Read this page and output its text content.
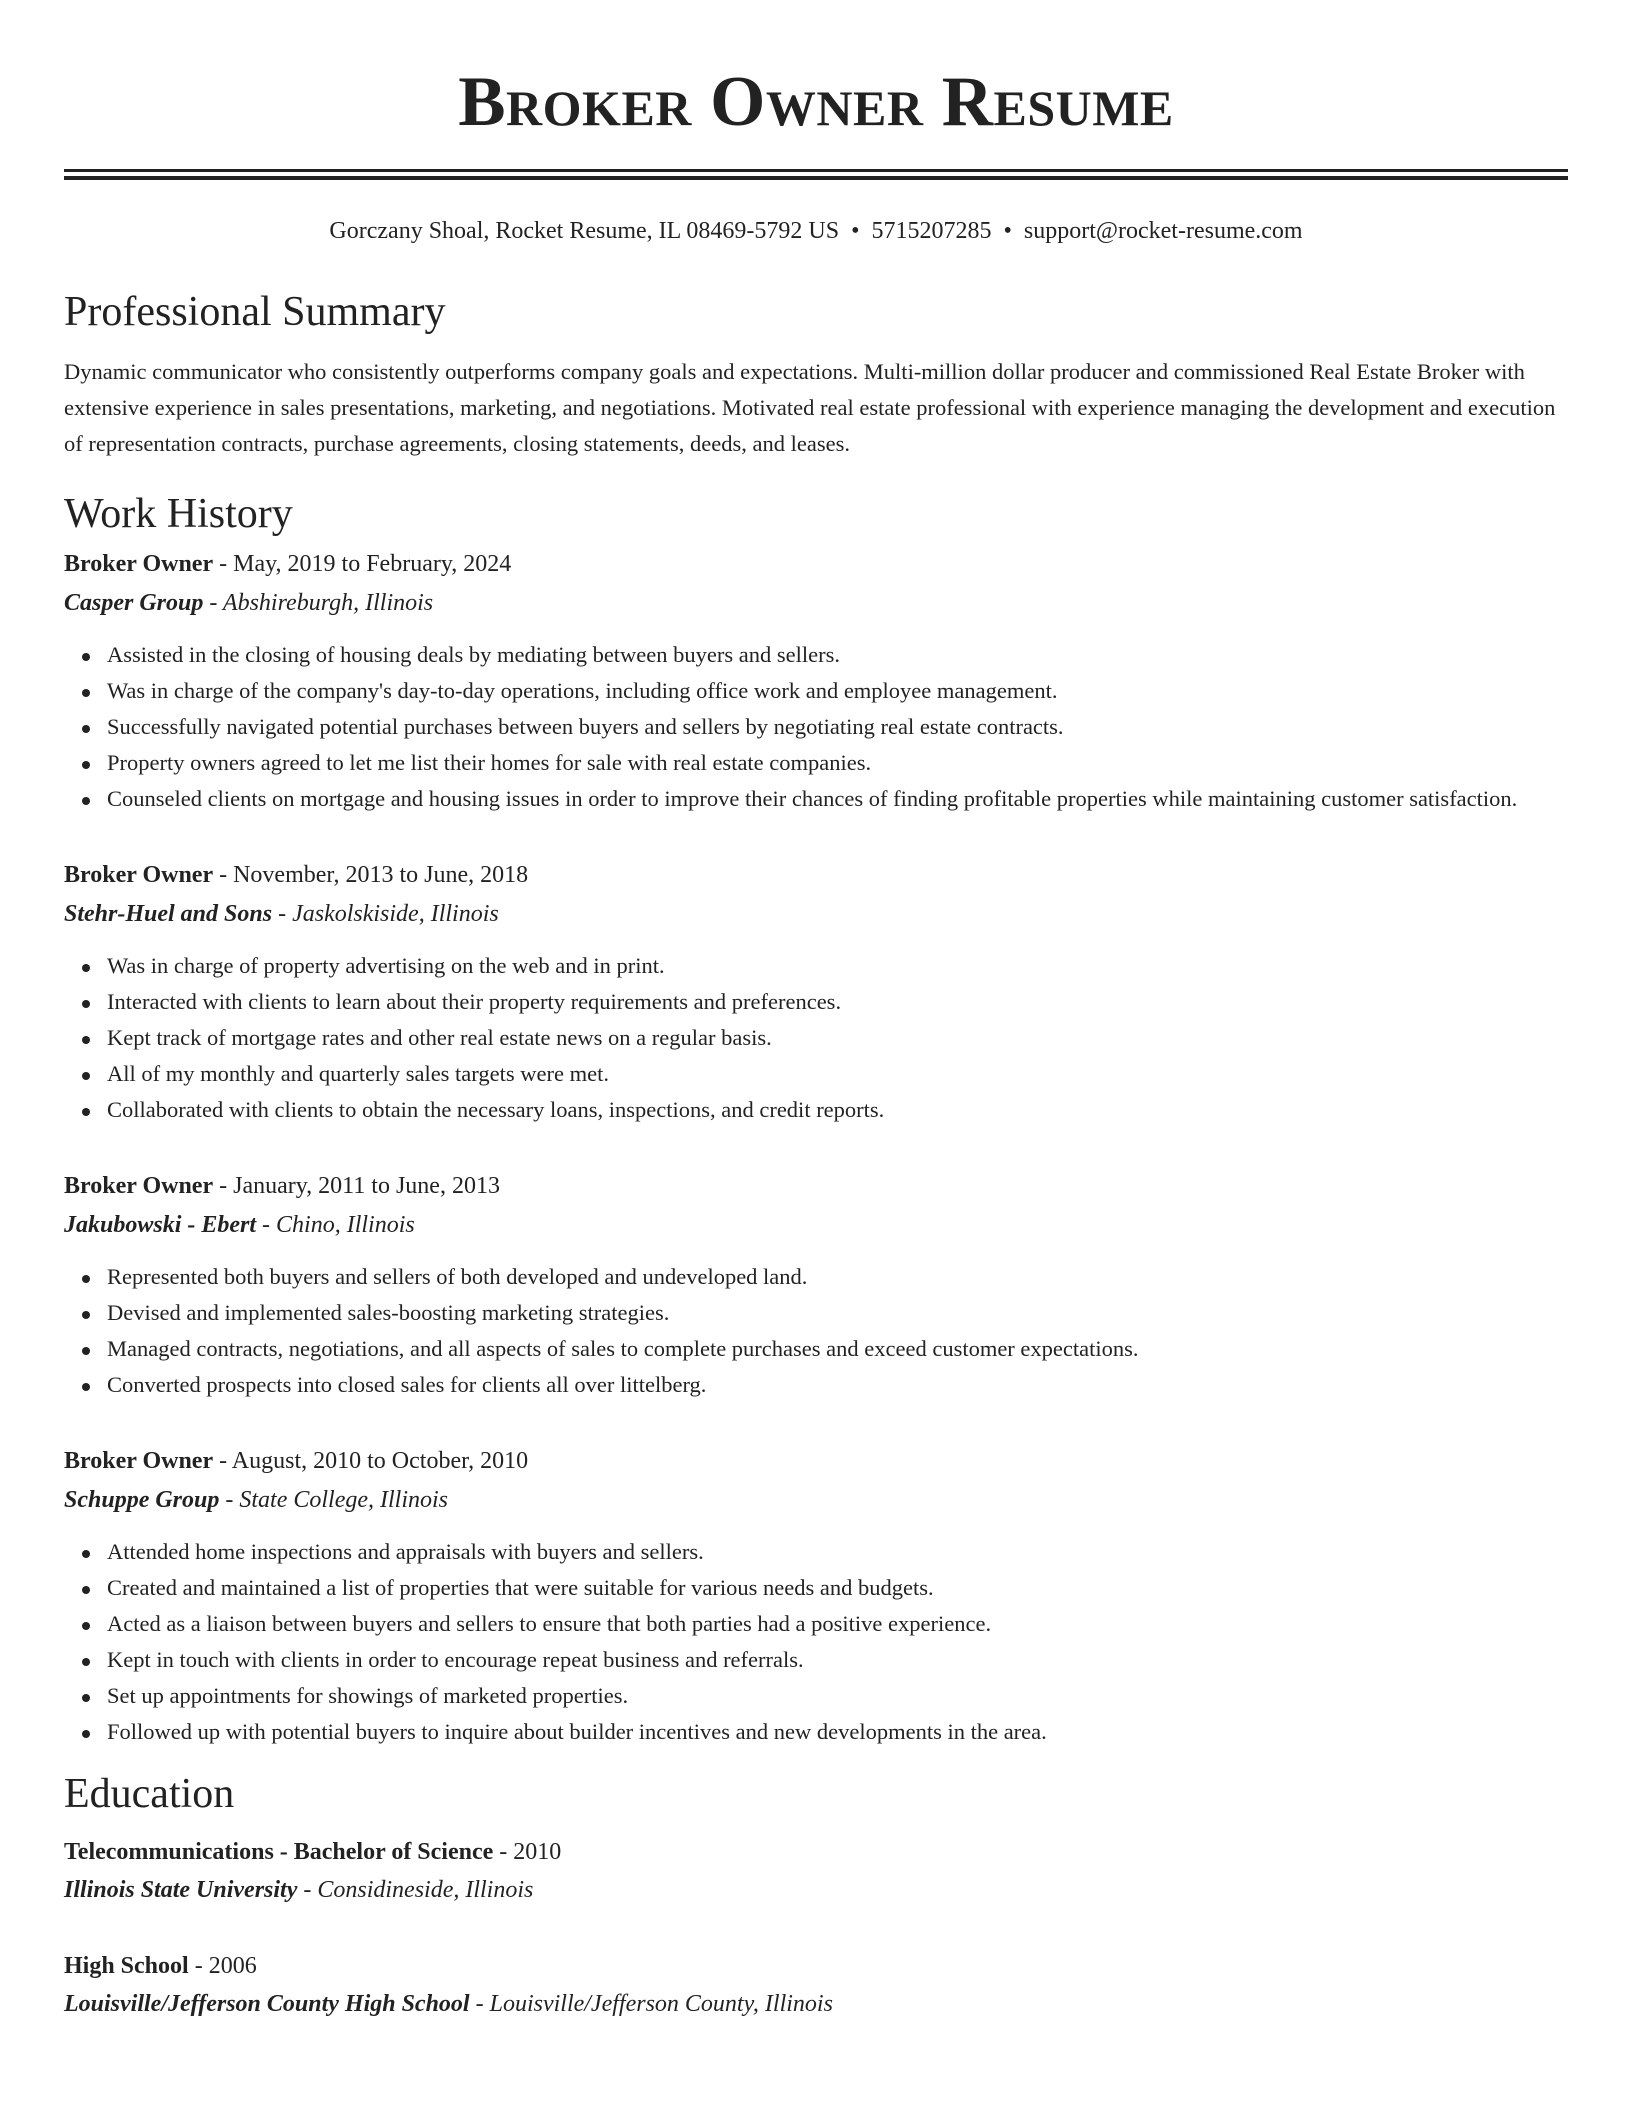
Broker Owner Resume
Gorczany Shoal, Rocket Resume, IL 08469-5792 US • 5715207285 • support@rocket-resume.com
Professional Summary

Dynamic communicator who consistently outperforms company goals and expectations. Multi-million dollar producer and commissioned Real Estate Broker with extensive experience in sales presentations, marketing, and negotiations. Motivated real estate professional with experience managing the development and execution of representation contracts, purchase agreements, closing statements, deeds, and leases.

Work History
Broker Owner - May, 2019 to February, 2024
Casper Group - Abshireburgh, Illinois
Assisted in the closing of housing deals by mediating between buyers and sellers.
Was in charge of the company's day-to-day operations, including office work and employee management.
Successfully navigated potential purchases between buyers and sellers by negotiating real estate contracts.
Property owners agreed to let me list their homes for sale with real estate companies.
Counseled clients on mortgage and housing issues in order to improve their chances of finding profitable properties while maintaining customer satisfaction.
Broker Owner - November, 2013 to June, 2018
Stehr-Huel and Sons - Jaskolskiside, Illinois
Was in charge of property advertising on the web and in print.
Interacted with clients to learn about their property requirements and preferences.
Kept track of mortgage rates and other real estate news on a regular basis.
All of my monthly and quarterly sales targets were met.
Collaborated with clients to obtain the necessary loans, inspections, and credit reports.
Broker Owner - January, 2011 to June, 2013
Jakubowski - Ebert - Chino, Illinois
Represented both buyers and sellers of both developed and undeveloped land.
Devised and implemented sales-boosting marketing strategies.
Managed contracts, negotiations, and all aspects of sales to complete purchases and exceed customer expectations.
Converted prospects into closed sales for clients all over littelberg.
Broker Owner - August, 2010 to October, 2010
Schuppe Group - State College, Illinois
Attended home inspections and appraisals with buyers and sellers.
Created and maintained a list of properties that were suitable for various needs and budgets.
Acted as a liaison between buyers and sellers to ensure that both parties had a positive experience.
Kept in touch with clients in order to encourage repeat business and referrals.
Set up appointments for showings of marketed properties.
Followed up with potential buyers to inquire about builder incentives and new developments in the area.
Education
Telecommunications - Bachelor of Science - 2010
Illinois State University - Considineside, Illinois
High School - 2006
Louisville/Jefferson County High School - Louisville/Jefferson County, Illinois
